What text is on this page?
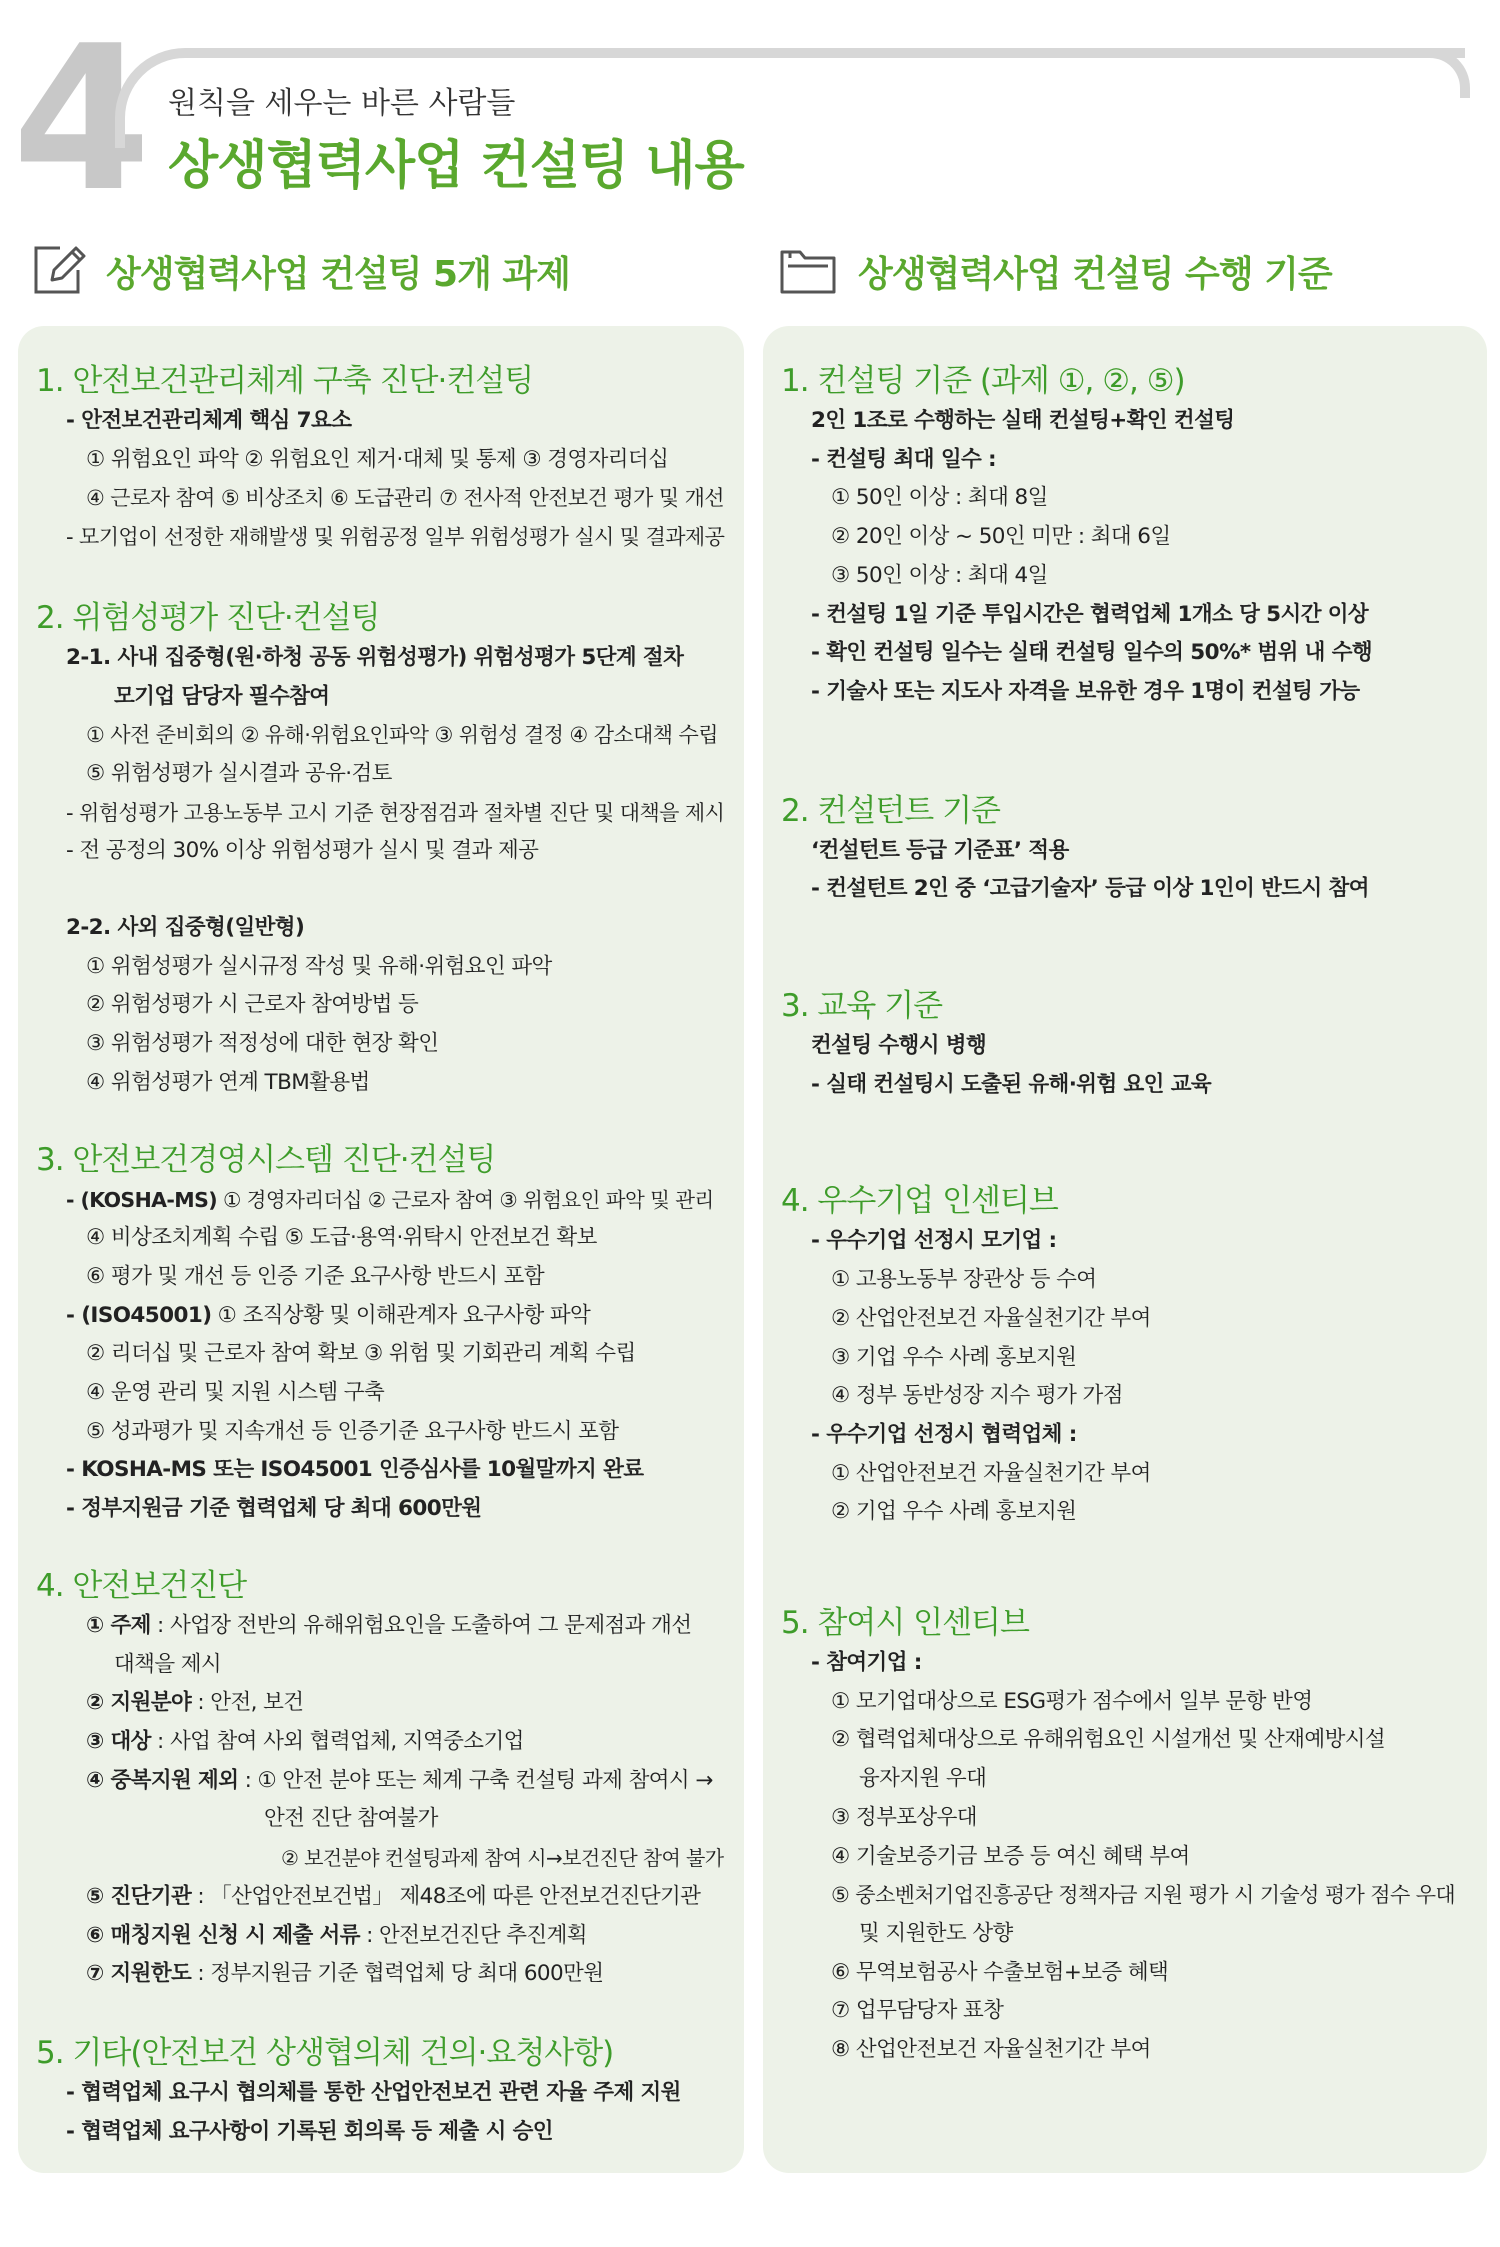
4 원칙을 세우는 바른 사람들
상생협력사업 컨설팅 내용
상생협력사업 컨설팅 5개 과제	상생협력사업 컨설팅 수행 기준
1. 안전보건관리체계 구축 진단·컨설팅
- 안전보건관리체계 핵심 7요소
① 위험요인 파악 ② 위험요인 제거·대체 및 통제 ③ 경영자리더십
④ 근로자 참여 ⑤ 비상조치 ⑥ 도급관리 ⑦ 전사적 안전보건 평가 및 개선
- 모기업이 선정한 재해발생 및 위험공정 일부 위험성평가 실시 및 결과제공
2. 위험성평가 진단·컨설팅
2-1. 사내 집중형(원·하청 공동 위험성평가) 위험성평가 5단계 절차
모기업 담당자 필수참여
① 사전 준비회의 ② 유해·위험요인파악 ③ 위험성 결정 ④ 감소대책 수립
⑤ 위험성평가 실시결과 공유·검토
- 위험성평가 고용노동부 고시 기준 현장점검과 절차별 진단 및 대책을 제시
- 전 공정의 30% 이상 위험성평가 실시 및 결과 제공
2-2. 사외 집중형(일반형)
① 위험성평가 실시규정 작성 및 유해·위험요인 파악
② 위험성평가 시 근로자 참여방법 등
③ 위험성평가 적정성에 대한 현장 확인
④ 위험성평가 연계 TBM활용법
3. 안전보건경영시스템 진단·컨설팅
- (KOSHA-MS) ① 경영자리더십 ② 근로자 참여 ③ 위험요인 파악 및 관리
④ 비상조치계획 수립 ⑤ 도급·용역·위탁시 안전보건 확보
⑥ 평가 및 개선 등 인증 기준 요구사항 반드시 포함
- (ISO45001) ① 조직상황 및 이해관계자 요구사항 파악
② 리더십 및 근로자 참여 확보 ③ 위험 및 기회관리 계획 수립
④ 운영 관리 및 지원 시스템 구축
⑤ 성과평가 및 지속개선 등 인증기준 요구사항 반드시 포함
- KOSHA-MS 또는 ISO45001 인증심사를 10월말까지 완료
- 정부지원금 기준 협력업체 당 최대 600만원
4. 안전보건진단
① 주제 : 사업장 전반의 유해위험요인을 도출하여 그 문제점과 개선
대책을 제시
② 지원분야 : 안전, 보건
③ 대상 : 사업 참여 사외 협력업체, 지역중소기업
④ 중복지원 제외 : ① 안전 분야 또는 체계 구축 컨설팅 과제 참여시 →
안전 진단 참여불가
② 보건분야 컨설팅과제 참여 시→보건진단 참여 불가
⑤ 진단기관 : 「산업안전보건법」 제48조에 따른 안전보건진단기관
⑥ 매칭지원 신청 시 제출 서류 : 안전보건진단 추진계획
⑦ 지원한도 : 정부지원금 기준 협력업체 당 최대 600만원
5. 기타(안전보건 상생협의체 건의·요청사항)
- 협력업체 요구시 협의체를 통한 산업안전보건 관련 자율 주제 지원
- 협력업체 요구사항이 기록된 회의록 등 제출 시 승인
1. 컨설팅 기준 (과제 ①, ②, ⑤)
2인 1조로 수행하는 실태 컨설팅+확인 컨설팅
- 컨설팅 최대 일수 :
① 50인 이상 : 최대 8일
② 20인 이상 ~ 50인 미만 : 최대 6일
③ 50인 이상 : 최대 4일
- 컨설팅 1일 기준 투입시간은 협력업체 1개소 당 5시간 이상
- 확인 컨설팅 일수는 실태 컨설팅 일수의 50%* 범위 내 수행
- 기술사 또는 지도사 자격을 보유한 경우 1명이 컨설팅 가능
2. 컨설턴트 기준
‘컨설턴트 등급 기준표’ 적용
- 컨설턴트 2인 중 ‘고급기술자’ 등급 이상 1인이 반드시 참여
3. 교육 기준
컨설팅 수행시 병행
- 실태 컨설팅시 도출된 유해·위험 요인 교육
4. 우수기업 인센티브
- 우수기업 선정시 모기업 :
① 고용노동부 장관상 등 수여
② 산업안전보건 자율실천기간 부여
③ 기업 우수 사례 홍보지원
④ 정부 동반성장 지수 평가 가점
- 우수기업 선정시 협력업체 :
① 산업안전보건 자율실천기간 부여
② 기업 우수 사례 홍보지원
5. 참여시 인센티브
- 참여기업 :
① 모기업대상으로 ESG평가 점수에서 일부 문항 반영
② 협력업체대상으로 유해위험요인 시설개선 및 산재예방시설
융자지원 우대
③ 정부포상우대
④ 기술보증기금 보증 등 여신 혜택 부여
⑤ 중소벤처기업진흥공단 정책자금 지원 평가 시 기술성 평가 점수 우대
및 지원한도 상향
⑥ 무역보험공사 수출보험+보증 혜택
⑦ 업무담당자 표창
⑧ 산업안전보건 자율실천기간 부여
